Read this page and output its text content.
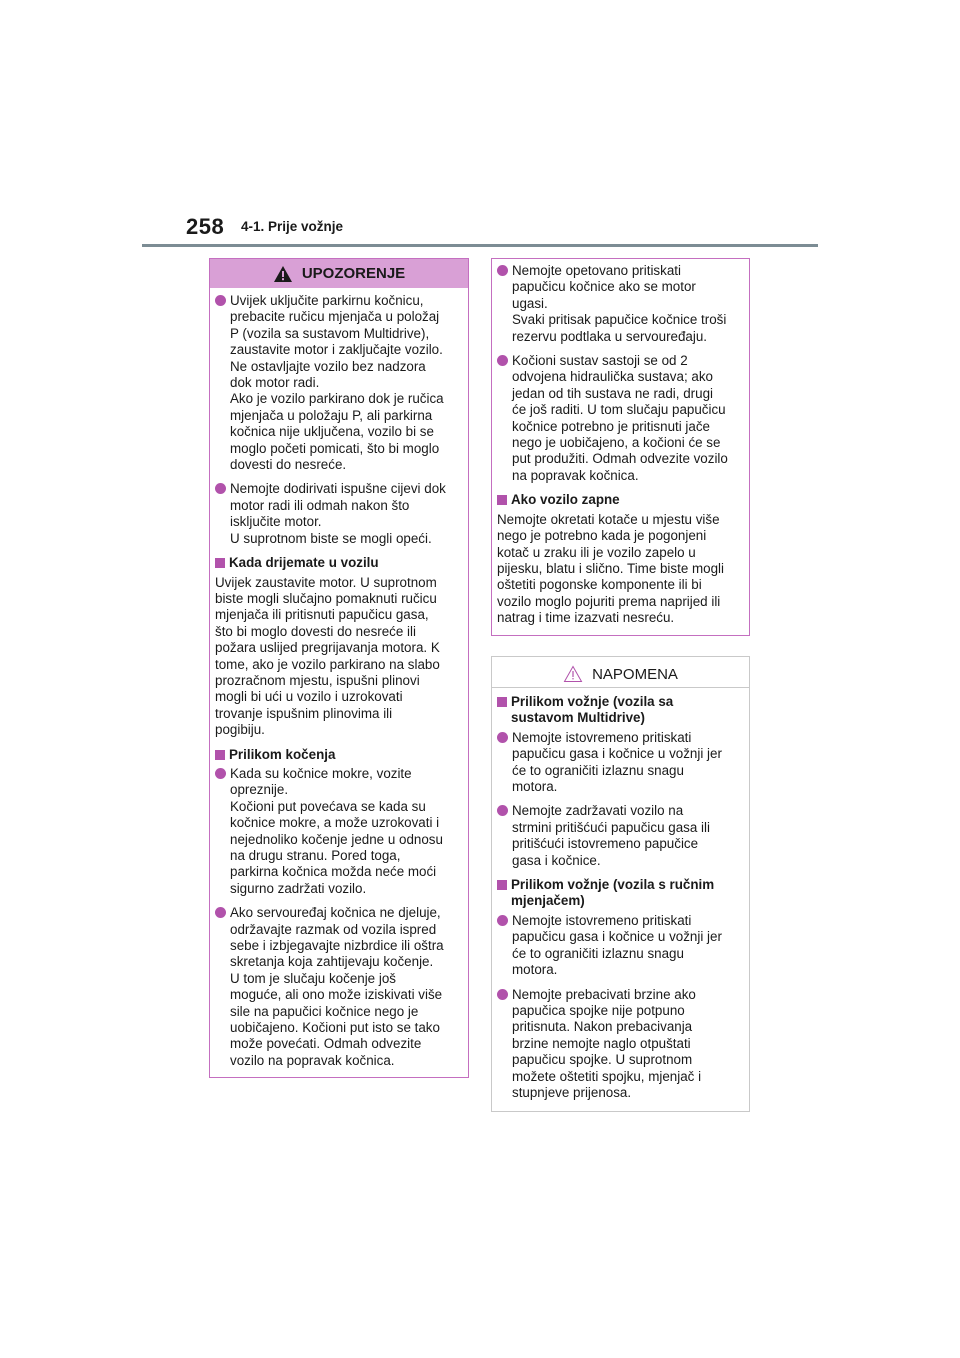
258 4-1. Prije vožnje
UPOZORENJE
Uvijek uključite parkirnu kočnicu,
prebacite ručicu mjenjača u položaj
P (vozila sa sustavom Multidrive),
zaustavite motor i zaključajte vozilo.
Ne ostavljajte vozilo bez nadzora
dok motor radi.
Ako je vozilo parkirano dok je ručica
mjenjača u položaju P, ali parkirna
kočnica nije uključena, vozilo bi se
moglo početi pomicati, što bi moglo
dovesti do nesreće.
Nemojte dodirivati ispušne cijevi dok
motor radi ili odmah nakon što
isključite motor.
U suprotnom biste se mogli opeći.
Kada drijemate u vozilu
Uvijek zaustavite motor. U suprotnom
biste mogli slučajno pomaknuti ručicu
mjenjača ili pritisnuti papučicu gasa,
što bi moglo dovesti do nesreće ili
požara uslijed pregrijavanja motora. K
tome, ako je vozilo parkirano na slabo
prozračnom mjestu, ispušni plinovi
mogli bi ući u vozilo i uzrokovati
trovanje ispušnim plinovima ili
pogibiju.
Prilikom kočenja
Kada su kočnice mokre, vozite
opreznije.
Kočioni put povećava se kada su
kočnice mokre, a može uzrokovati i
nejednoliko kočenje jedne u odnosu
na drugu stranu. Pored toga,
parkirna kočnica možda neće moći
sigurno zadržati vozilo.
Ako servouređaj kočnica ne djeluje,
održavajte razmak od vozila ispred
sebe i izbjegavajte nizbrdice ili oštra
skretanja koja zahtijevaju kočenje.
U tom je slučaju kočenje još
moguće, ali ono može iziskivati više
sile na papučici kočnice nego je
uobičajeno. Kočioni put isto se tako
može povećati. Odmah odvezite
vozilo na popravak kočnica.
Nemojte opetovano pritiskati
papučicu kočnice ako se motor
ugasi.
Svaki pritisak papučice kočnice troši
rezervu podtlaka u servouređaju.
Kočioni sustav sastoji se od 2
odvojena hidraulička sustava; ako
jedan od tih sustava ne radi, drugi
će još raditi. U tom slučaju papučicu
kočnice potrebno je pritisnuti jače
nego je uobičajeno, a kočioni će se
put produžiti. Odmah odvezite vozilo
na popravak kočnica.
Ako vozilo zapne
Nemojte okretati kotače u mjestu više
nego je potrebno kada je pogonjeni
kotač u zraku ili je vozilo zapelo u
pijesku, blatu i slično. Time biste mogli
oštetiti pogonske komponente ili bi
vozilo moglo pojuriti prema naprijed ili
natrag i time izazvati nesreću.
NAPOMENA
Prilikom vožnje (vozila sa
sustavom Multidrive)
Nemojte istovremeno pritiskati
papučicu gasa i kočnice u vožnji jer
će to ograničiti izlaznu snagu
motora.
Nemojte zadržavati vozilo na
strmini pritišćući papučicu gasa ili
pritišćući istovremeno papučice
gasa i kočnice.
Prilikom vožnje (vozila s ručnim
mjenjačem)
Nemojte istovremeno pritiskati
papučicu gasa i kočnice u vožnji jer
će to ograničiti izlaznu snagu
motora.
Nemojte prebacivati brzine ako
papučica spojke nije potpuno
pritisnuta. Nakon prebacivanja
brzine nemojte naglo otpuštati
papučicu spojke. U suprotnom
možete oštetiti spojku, mjenjač i
stupnjeve prijenosa.
